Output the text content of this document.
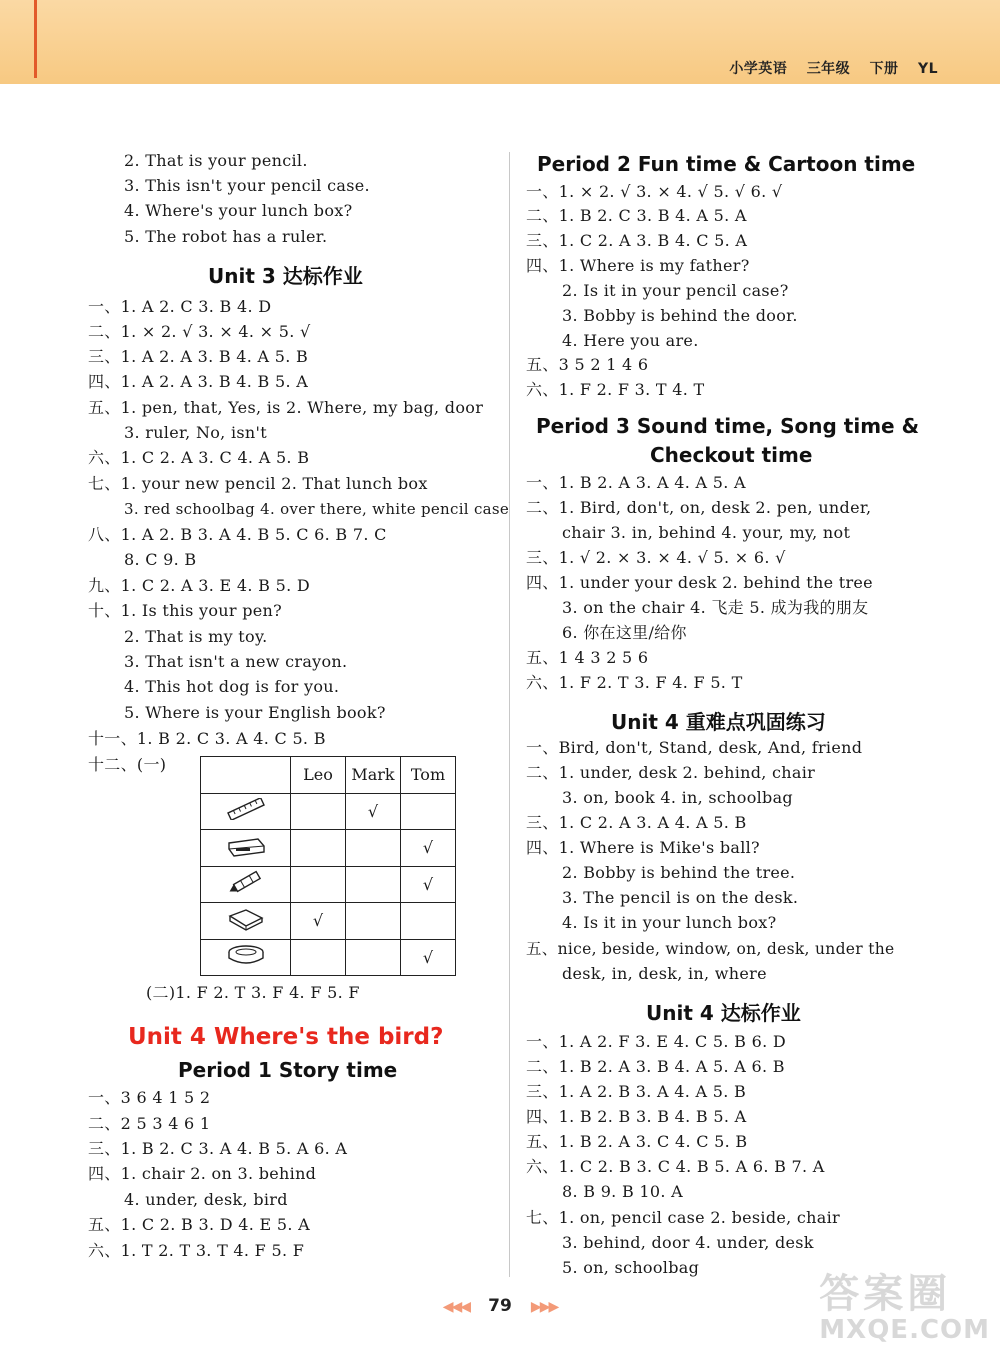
小学英语 三年级 下册 YL
2. That is your pencil.
3. This isn't your pencil case.
4. Where's your lunch box?
5. The robot has a ruler.
Unit 3 达标作业
一、1. A 2. C 3. B 4. D
二、1. × 2. √ 3. × 4. × 5. √
三、1. A 2. A 3. B 4. A 5. B
四、1. A 2. A 3. B 4. B 5. A
五、1. pen, that, Yes, is 2. Where, my bag, door
3. ruler, No, isn't
六、1. C 2. A 3. C 4. A 5. B
七、1. your new pencil 2. That lunch box
3. red schoolbag 4. over there, white pencil case
八、1. A 2. B 3. A 4. B 5. C 6. B 7. C
8. C 9. B
九、1. C 2. A 3. E 4. B 5. D
十、1. Is this your pen?
2. That is my toy.
3. That isn't a new crayon.
4. This hot dog is for you.
5. Where is your English book?
十一、1. B 2. C 3. A 4. C 5. B
十二、(一)
	Leo	Mark	Tom
		√	
			√
			√
	√		
			√
(二)1. F 2. T 3. F 4. F 5. F
Unit 4 Where's the bird?
Period 1 Story time
一、3 6 4 1 5 2
二、2 5 3 4 6 1
三、1. B 2. C 3. A 4. B 5. A 6. A
四、1. chair 2. on 3. behind
4. under, desk, bird
五、1. C 2. B 3. D 4. E 5. A
六、1. T 2. T 3. T 4. F 5. F
Period 2 Fun time & Cartoon time
一、1. × 2. √ 3. × 4. √ 5. √ 6. √
二、1. B 2. C 3. B 4. A 5. A
三、1. C 2. A 3. B 4. C 5. A
四、1. Where is my father?
2. Is it in your pencil case?
3. Bobby is behind the door.
4. Here you are.
五、3 5 2 1 4 6
六、1. F 2. F 3. T 4. T
Period 3 Sound time, Song time &
Checkout time
一、1. B 2. A 3. A 4. A 5. A
二、1. Bird, don't, on, desk 2. pen, under,
chair 3. in, behind 4. your, my, not
三、1. √ 2. × 3. × 4. √ 5. × 6. √
四、1. under your desk 2. behind the tree
3. on the chair 4. 飞走 5. 成为我的朋友
6. 你在这里/给你
五、1 4 3 2 5 6
六、1. F 2. T 3. F 4. F 5. T
Unit 4 重难点巩固练习
一、Bird, don't, Stand, desk, And, friend
二、1. under, desk 2. behind, chair
3. on, book 4. in, schoolbag
三、1. C 2. A 3. A 4. A 5. B
四、1. Where is Mike's ball?
2. Bobby is behind the tree.
3. The pencil is on the desk.
4. Is it in your lunch box?
五、nice, beside, window, on, desk, under the
desk, in, desk, in, where
Unit 4 达标作业
一、1. A 2. F 3. E 4. C 5. B 6. D
二、1. B 2. A 3. B 4. A 5. A 6. B
三、1. A 2. B 3. A 4. A 5. B
四、1. B 2. B 3. B 4. B 5. A
五、1. B 2. A 3. C 4. C 5. B
六、1. C 2. B 3. C 4. B 5. A 6. B 7. A
8. B 9. B 10. A
七、1. on, pencil case 2. beside, chair
3. behind, door 4. under, desk
5. on, schoolbag
◀◀◀ 79 ▶▶▶	答案圈
MXQE.COM
